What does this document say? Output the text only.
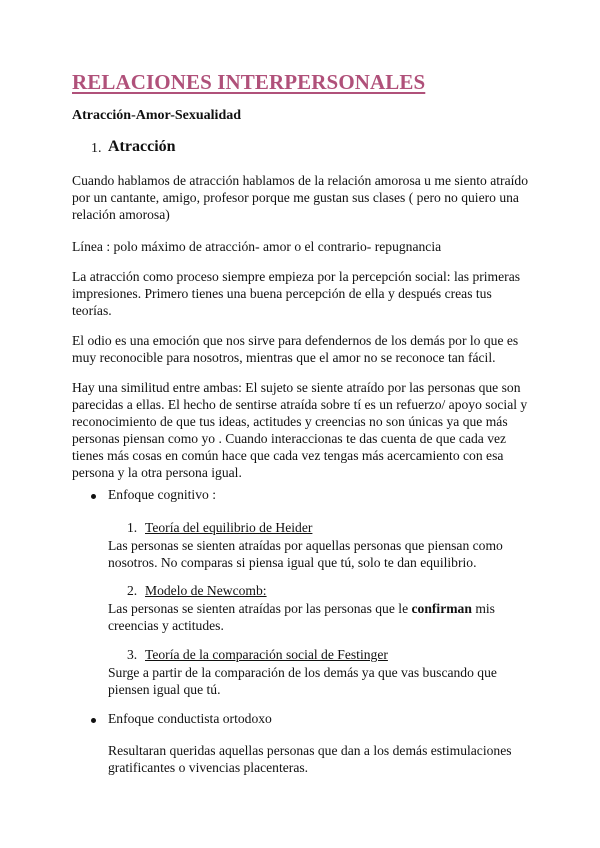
RELACIONES INTERPERSONALES

Atracción-Amor-Sexualidad

1. Atracción

Cuando hablamos de atracción hablamos de la relación amorosa u me siento atraído por un cantante, amigo, profesor porque me gustan sus clases ( pero no quiero una relación amorosa)

Línea : polo máximo de atracción- amor o el contrario- repugnancia

La atracción como proceso siempre empieza por la percepción social: las primeras impresiones. Primero tienes una buena percepción de ella y después creas tus teorías.

El odio es una emoción que nos sirve para defendernos de los demás por lo que es muy reconocible para nosotros, mientras que el amor no se reconoce tan fácil.

Hay una similitud entre ambas: El sujeto se siente atraído por las personas que son parecidas a ellas. El hecho de sentirse atraída sobre tí es un refuerzo/ apoyo social y reconocimiento de que tus ideas, actitudes y creencias no son únicas ya que más personas piensan como yo . Cuando interaccionas te das cuenta de que cada vez tienes más cosas en común hace que cada vez tengas más acercamiento con esa persona y la otra persona igual.

Enfoque cognitivo :
1. Teoría del equilibrio de Heider

Las personas se sienten atraídas por aquellas personas que piensan como nosotros. No comparas si piensa igual que tú, solo te dan equilibrio.

2. Modelo de Newcomb:

Las personas se sienten atraídas por las personas que le confirman mis creencias y actitudes.

3. Teoría de la comparación social de Festinger

Surge a partir de la comparación de los demás ya que vas buscando que piensen igual que tú.

Enfoque conductista ortodoxo

Resultaran queridas aquellas personas que dan a los demás estimulaciones gratificantes o vivencias placenteras.
